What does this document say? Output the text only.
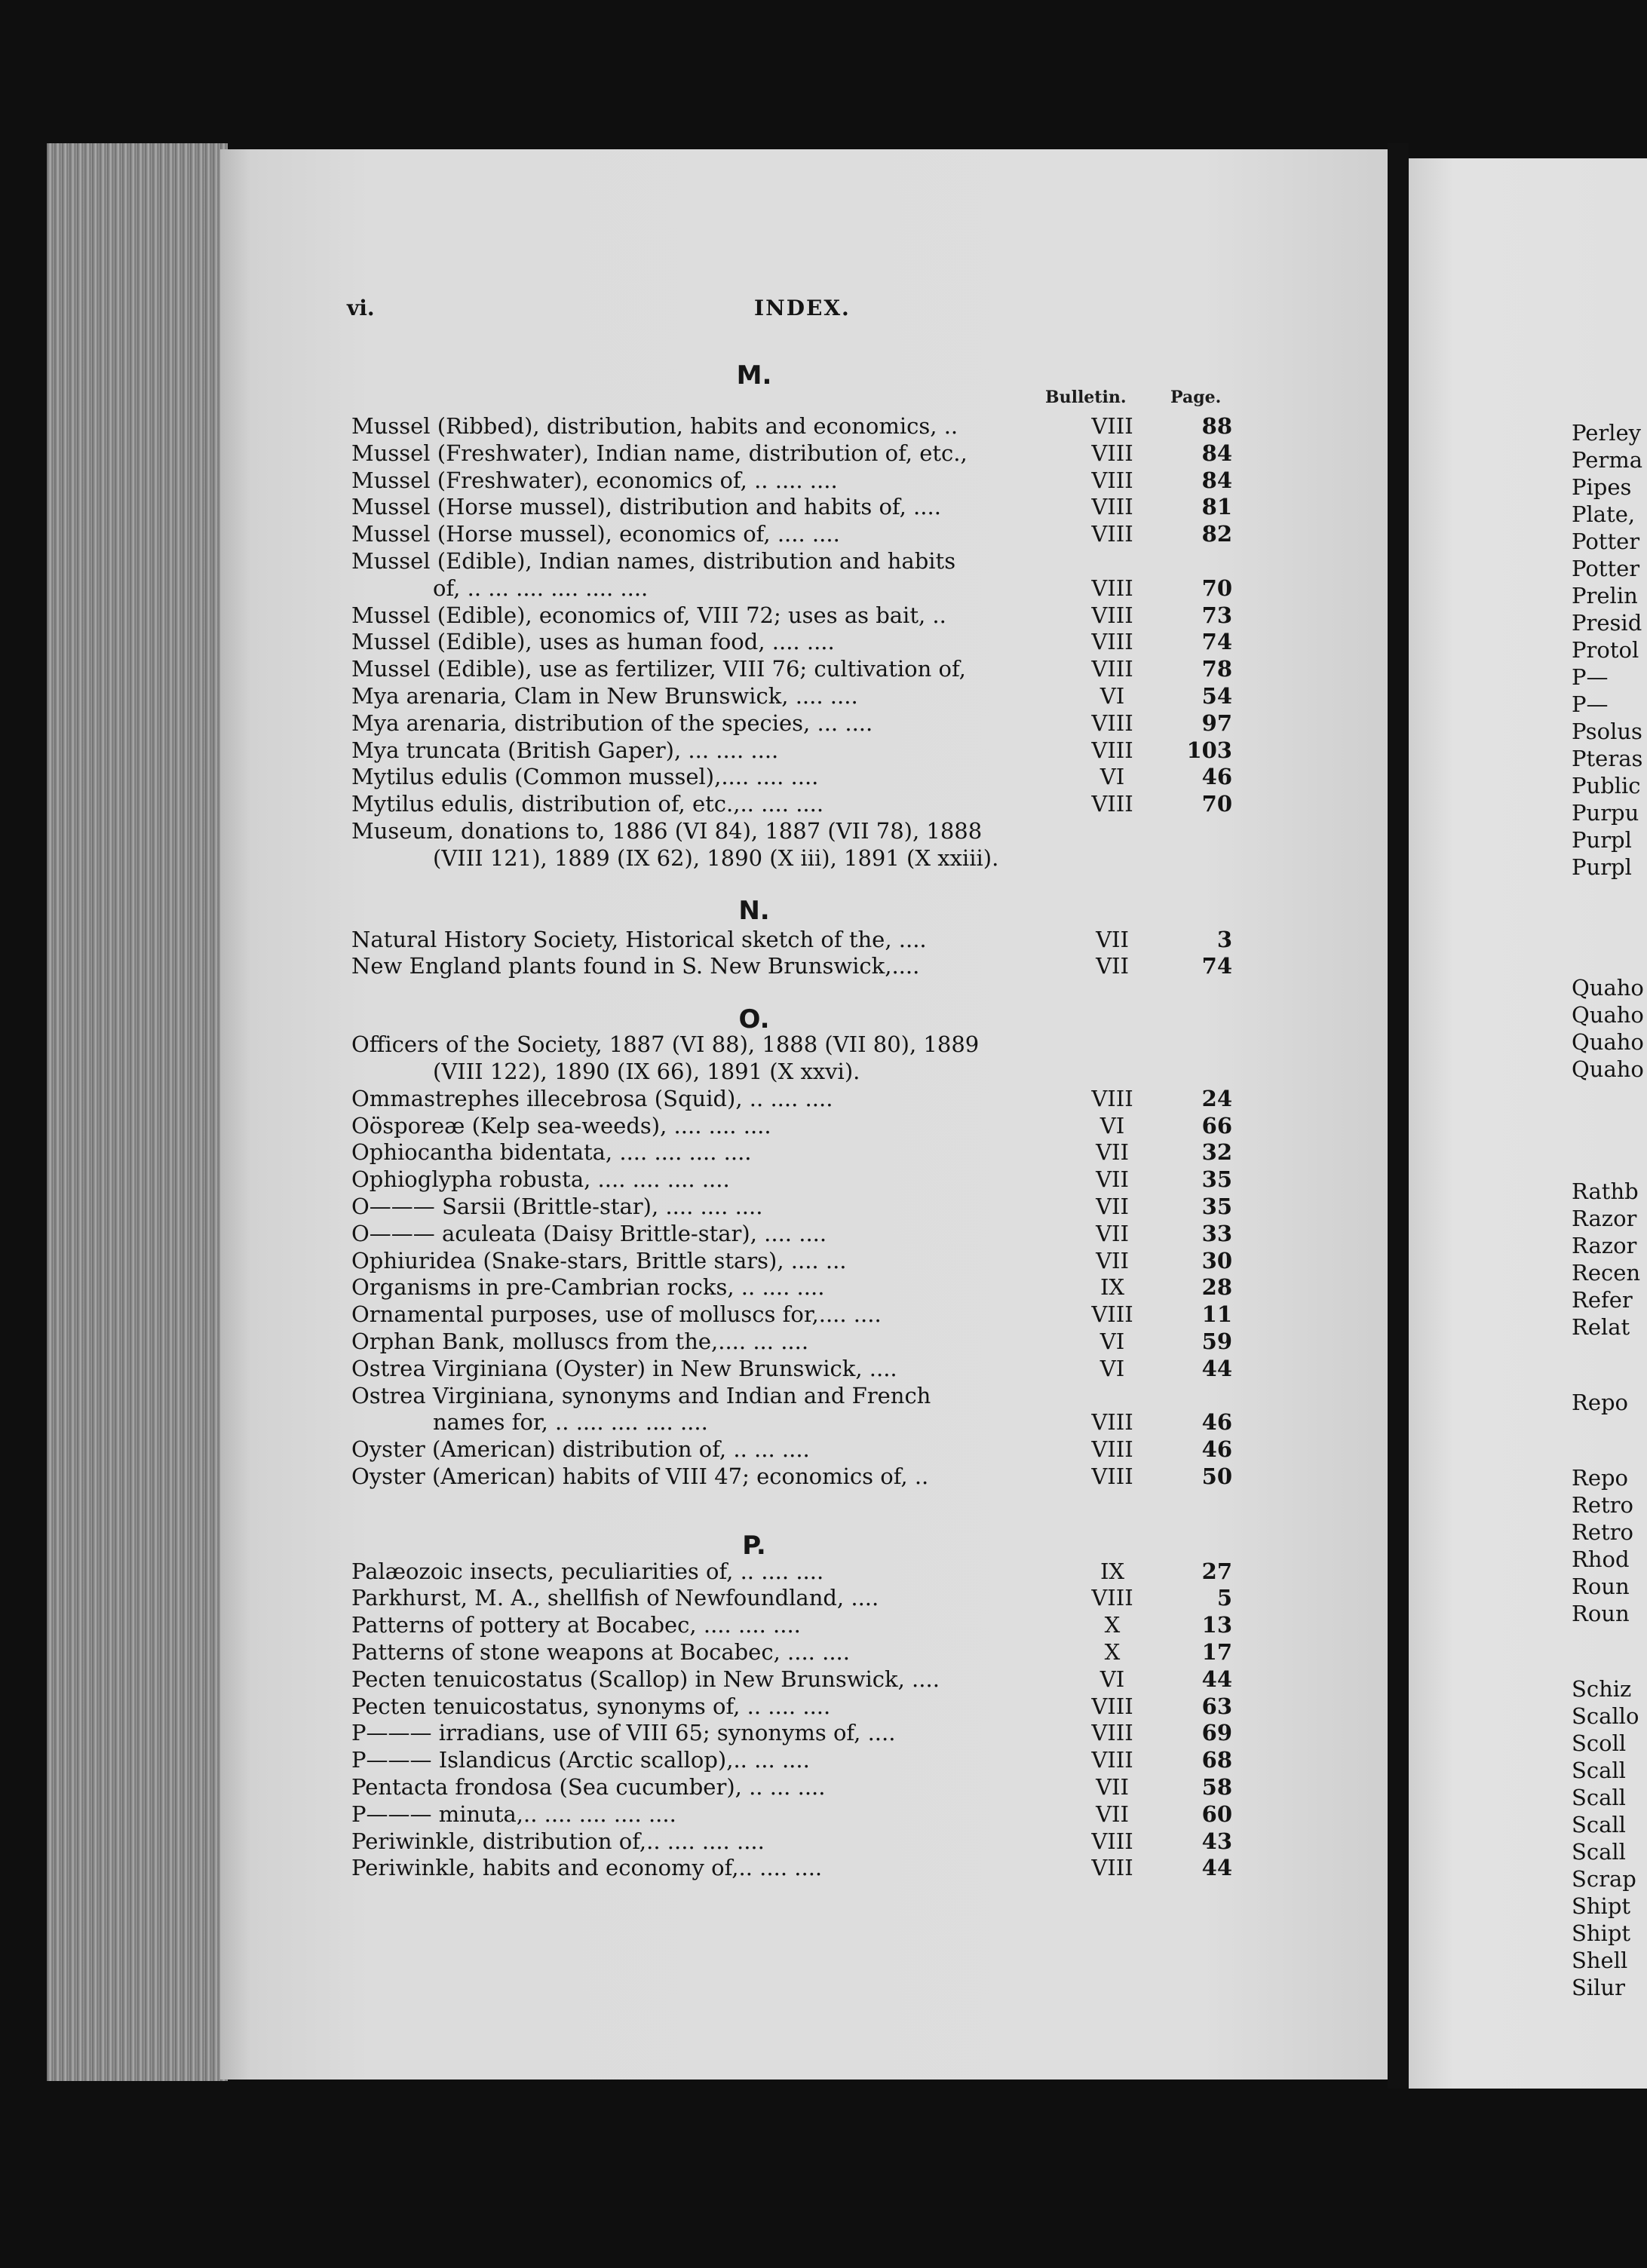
vi.	INDEX.
M.
N.
O.
P.
Bulletin.	Page.
Mussel (Ribbed), distribution, habits and economics, ..	VIII	88
Mussel (Freshwater), Indian name, distribution of, etc.,	VIII	84
Mussel (Freshwater), economics of, .. .... ....	VIII	84
Mussel (Horse mussel), distribution and habits of, ....	VIII	81
Mussel (Horse mussel), economics of, .... ....	VIII	82
Mussel (Edible), Indian names, distribution and habits
of, .. ... .... .... .... ....	VIII	70
Mussel (Edible), economics of, VIII 72; uses as bait, ..	VIII	73
Mussel (Edible), uses as human food, .... ....	VIII	74
Mussel (Edible), use as fertilizer, VIII 76; cultivation of,	VIII	78
Mya arenaria, Clam in New Brunswick, .... ....	VI	54
Mya arenaria, distribution of the species, ... ....	VIII	97
Mya truncata (British Gaper), ... .... ....	VIII	103
Mytilus edulis (Common mussel),.... .... ....	VI	46
Mytilus edulis, distribution of, etc.,.. .... ....	VIII	70
Museum, donations to, 1886 (VI 84), 1887 (VII 78), 1888
(VIII 121), 1889 (IX 62), 1890 (X iii), 1891 (X xxiii).
Natural History Society, Historical sketch of the, ....	VII	3
New England plants found in S. New Brunswick,....	VII	74
Officers of the Society, 1887 (VI 88), 1888 (VII 80), 1889
(VIII 122), 1890 (IX 66), 1891 (X xxvi).
Ommastrephes illecebrosa (Squid), .. .... ....	VIII	24
Oösporeæ (Kelp sea-weeds), .... .... ....	VI	66
Ophiocantha bidentata, .... .... .... ....	VII	32
Ophioglypha robusta, .... .... .... ....	VII	35
O——— Sarsii (Brittle-star), .... .... ....	VII	35
O——— aculeata (Daisy Brittle-star), .... ....	VII	33
Ophiuridea (Snake-stars, Brittle stars), .... ...	VII	30
Organisms in pre-Cambrian rocks, .. .... ....	IX	28
Ornamental purposes, use of molluscs for,.... ....	VIII	11
Orphan Bank, molluscs from the,.... ... ....	VI	59
Ostrea Virginiana (Oyster) in New Brunswick, ....	VI	44
Ostrea Virginiana, synonyms and Indian and French
names for, .. .... .... .... ....	VIII	46
Oyster (American) distribution of, .. ... ....	VIII	46
Oyster (American) habits of VIII 47; economics of, ..	VIII	50
Palæozoic insects, peculiarities of, .. .... ....	IX	27
Parkhurst, M. A., shellfish of Newfoundland, ....	VIII	5
Patterns of pottery at Bocabec, .... .... ....	X	13
Patterns of stone weapons at Bocabec, .... ....	X	17
Pecten tenuicostatus (Scallop) in New Brunswick, ....	VI	44
Pecten tenuicostatus, synonyms of, .. .... ....	VIII	63
P——— irradians, use of VIII 65; synonyms of, ....	VIII	69
P——— Islandicus (Arctic scallop),.. ... ....	VIII	68
Pentacta frondosa (Sea cucumber), .. ... ....	VII	58
P——— minuta,.. .... .... .... ....	VII	60
Periwinkle, distribution of,.. .... .... ....	VIII	43
Periwinkle, habits and economy of,.. .... ....	VIII	44
Perley
Perma
Pipes
Plate,
Potter
Potter
Prelin
Presid
Protol
P—
P—
Psolus
Pteras
Public
Purpu
Purpl
Purpl
Quaho
Quaho
Quaho
Quaho
Rathb
Razor
Razor
Recen
Refer
Relat
Repo
Repo
Retro
Retro
Rhod
Roun
Roun
Schiz
Scallo
Scoll
Scall
Scall
Scall
Scall
Scrap
Shipt
Shipt
Shell
Silur
